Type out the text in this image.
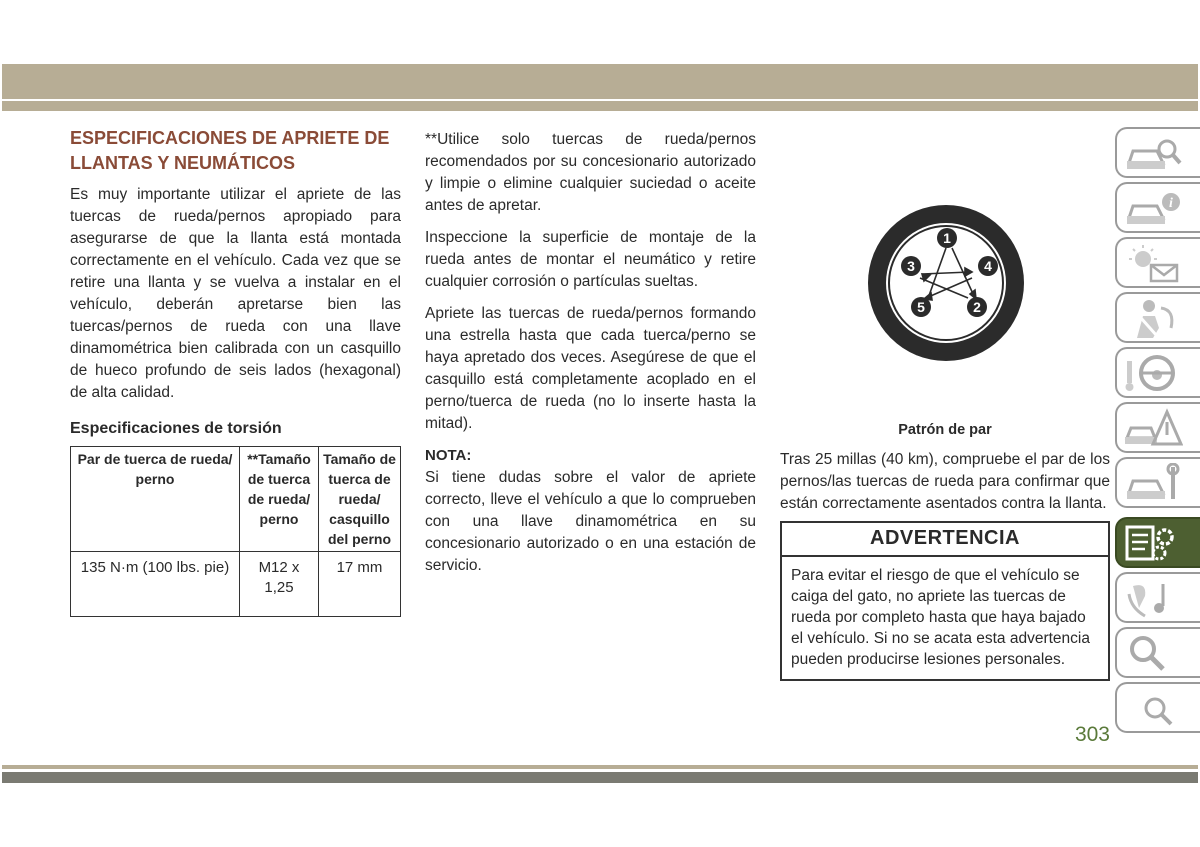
ESPECIFICACIONES DE APRIETE DE LLANTAS Y NEUMÁTICOS

Es muy importante utilizar el apriete de las tuercas de rueda/pernos apropiado para asegurarse de que la llanta está montada correctamente en el vehículo. Cada vez que se retire una llanta y se vuelva a instalar en el vehículo, deberán apretarse bien las tuercas/pernos de rueda con una llave dinamométrica bien calibrada con un casquillo de hueco profundo de seis lados (hexagonal) de alta calidad.

Especificaciones de torsión
Par de tuerca de rueda/ perno	**Tamaño de tuerca de rueda/ perno	Tamaño de tuerca de rueda/ casquillo del perno
135 N·m (100 lbs. pie)	M12 x 1,25	17 mm

**Utilice solo tuercas de rueda/pernos recomendados por su concesionario autorizado y limpie o elimine cualquier suciedad o aceite antes de apretar.

Inspeccione la superficie de montaje de la rueda antes de montar el neumático y retire cualquier corrosión o partículas sueltas.

Apriete las tuercas de rueda/pernos formando una estrella hasta que cada tuerca/perno se haya apretado dos veces. Asegúrese de que el casquillo está completamente acoplado en el perno/tuerca de rueda (no lo inserte hasta la mitad).

NOTA:

Si tiene dudas sobre el valor de apriete correcto, lleve el vehículo a que lo comprueben con una llave dinamométrica en su concesionario autorizado o en una estación de servicio.

1
2
3	4
5
Patrón de par

Tras 25 millas (40 km), compruebe el par de los pernos/las tuercas de rueda para confirmar que están correctamente asentados contra la llanta.

ADVERTENCIA
Para evitar el riesgo de que el vehículo se caiga del gato, no apriete las tuercas de rueda por completo hasta que haya bajado el vehículo. Si no se acata esta advertencia pueden producirse lesiones personales.
303
i
